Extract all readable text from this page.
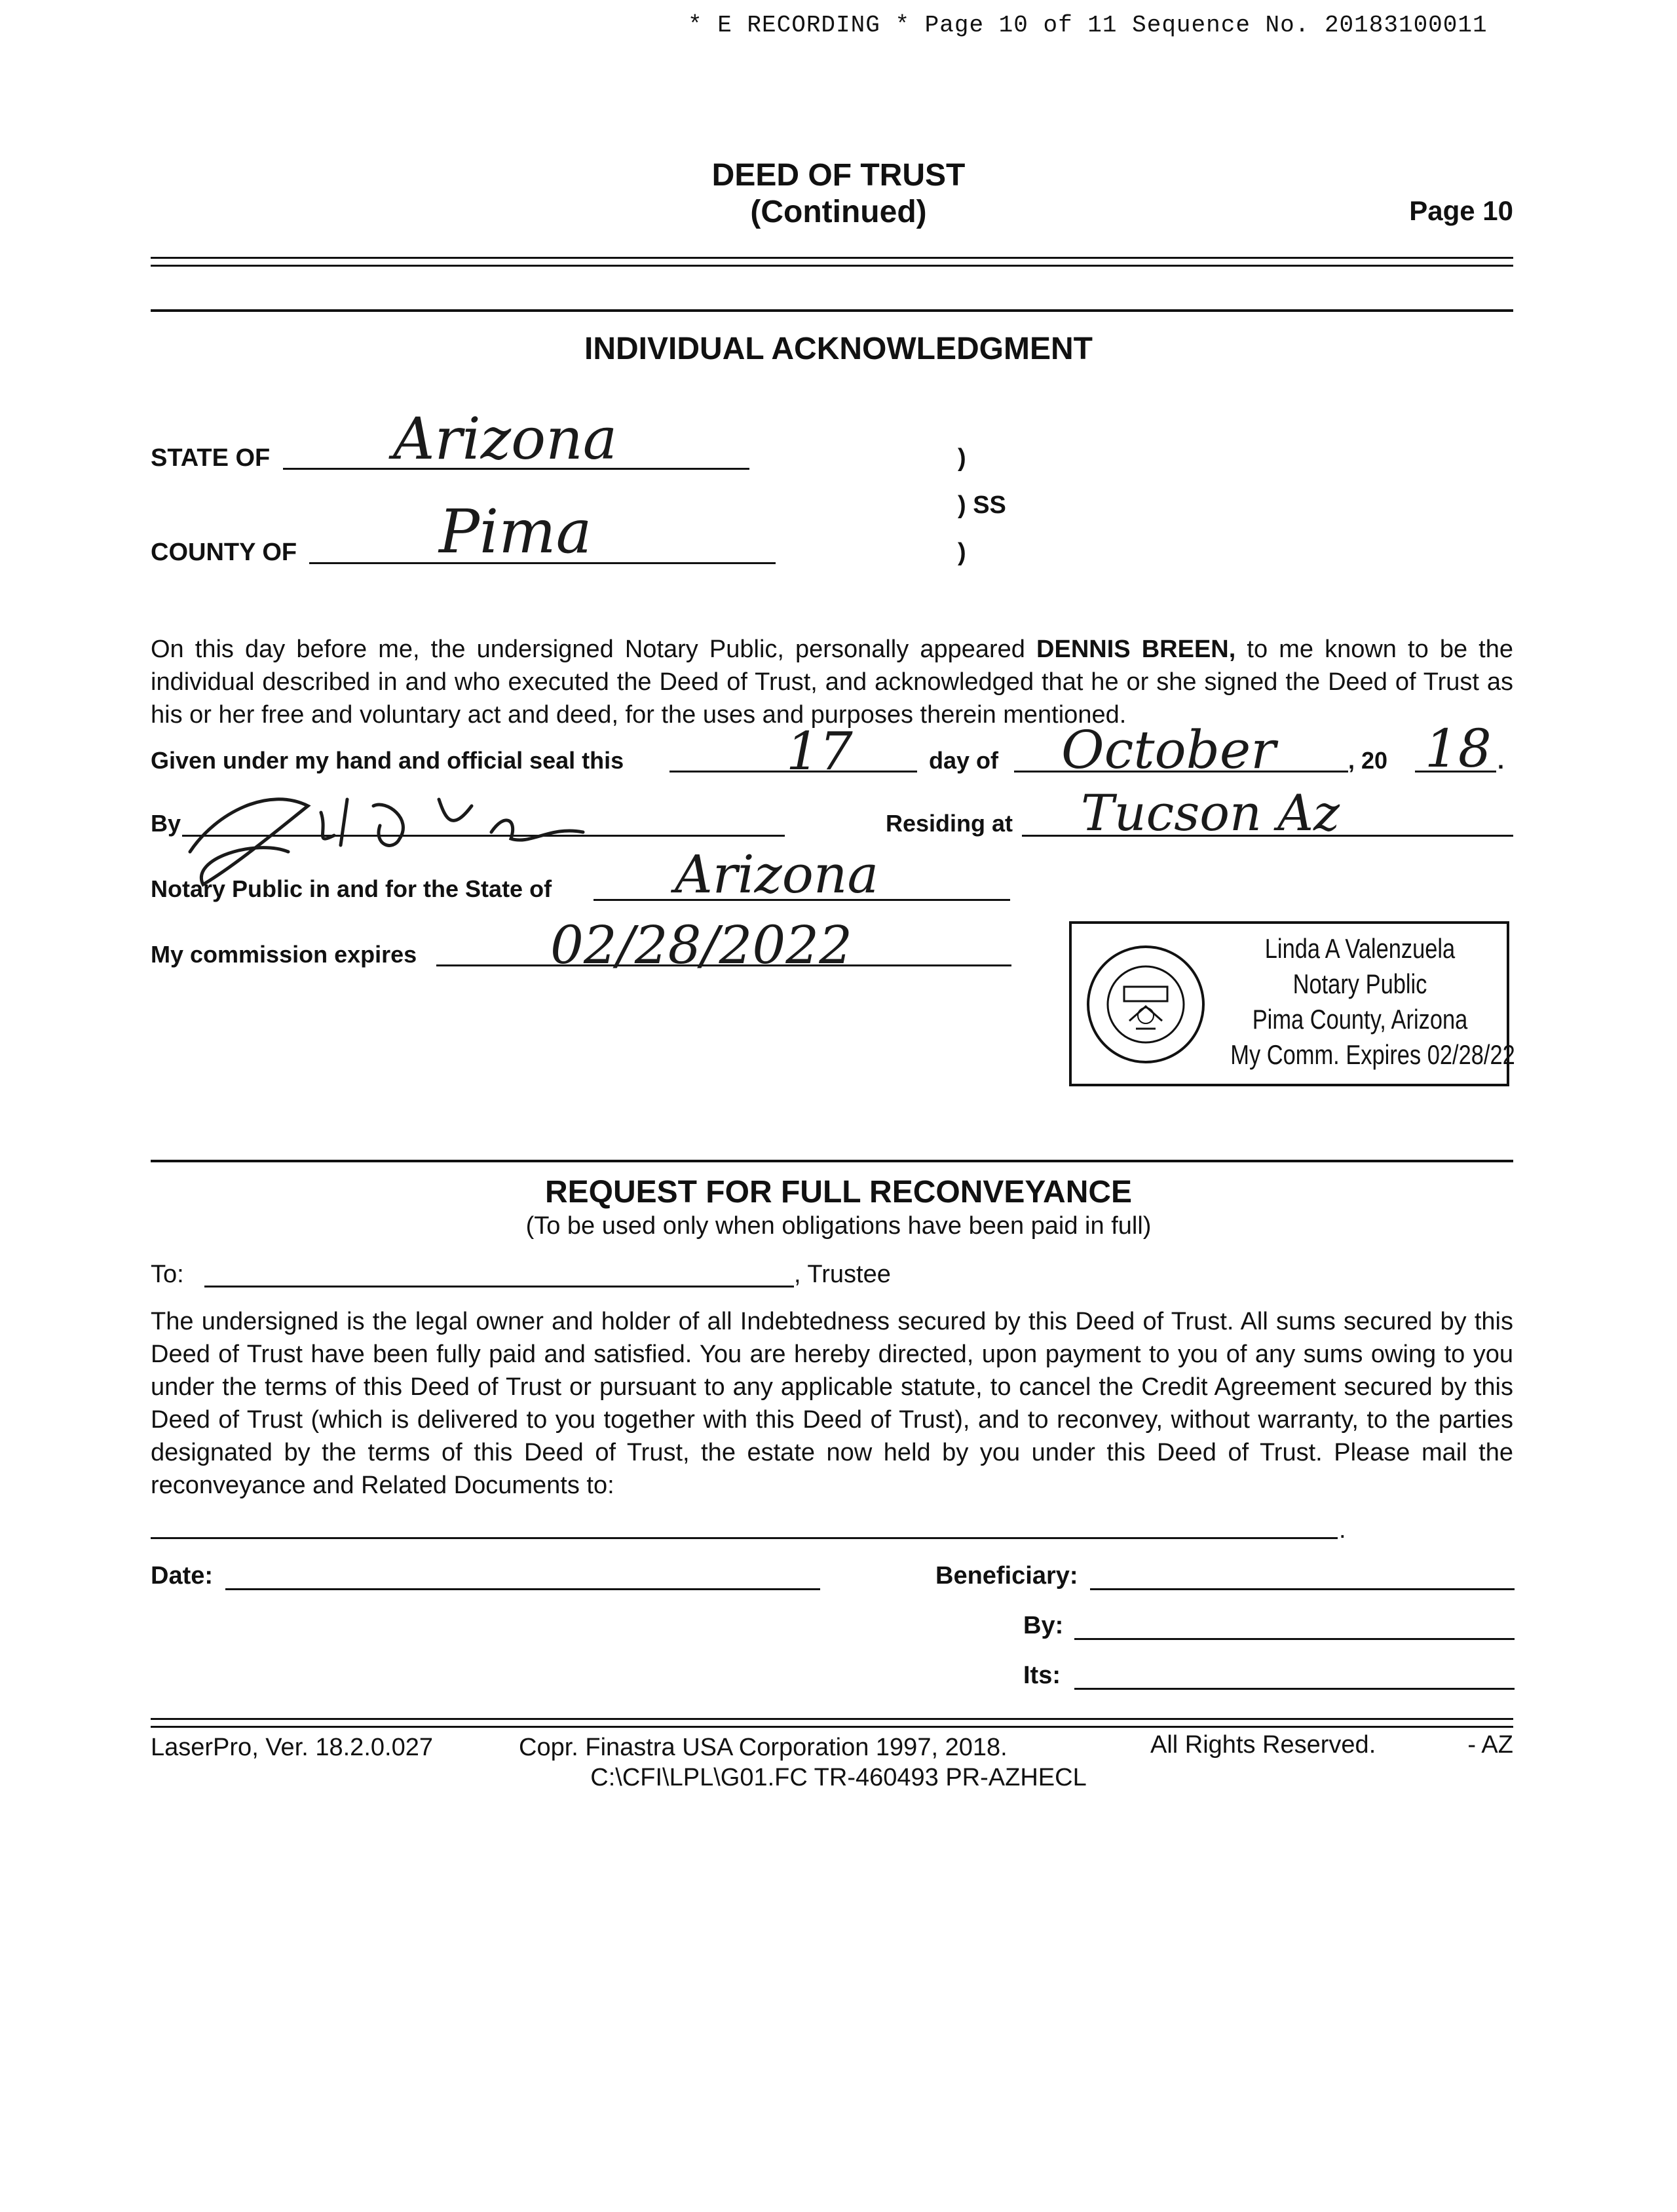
* E RECORDING * Page 10 of 11 Sequence No. 20183100011
DEED OF TRUST
(Continued)	Page 10
INDIVIDUAL ACKNOWLEDGMENT
STATE OF Arizona	)
) SS
COUNTY OF Pima	)
On this day before me, the undersigned Notary Public, personally appeared DENNIS BREEN, to me known to be the individual described in and who executed the Deed of Trust, and acknowledged that he or she signed the Deed of Trust as his or her free and voluntary act and deed, for the uses and purposes therein mentioned.
Given under my hand and official seal this	17	day of October	, 20 18 .
By	Residing at Tucson Az
Notary Public in and for the State of Arizona
My commission expires	02/28/2022	Linda A Valenzuela
Notary Public
Pima County, Arizona
My Comm. Expires 02/28/22
REQUEST FOR FULL RECONVEYANCE
(To be used only when obligations have been paid in full)
To:	, Trustee
The undersigned is the legal owner and holder of all Indebtedness secured by this Deed of Trust. All sums secured by this Deed of Trust have been fully paid and satisfied. You are hereby directed, upon payment to you of any sums owing to you under the terms of this Deed of Trust or pursuant to any applicable statute, to cancel the Credit Agreement secured by this Deed of Trust (which is delivered to you together with this Deed of Trust), and to reconvey, without warranty, to the parties designated by the terms of this Deed of Trust, the estate now held by you under this Deed of Trust. Please mail the reconveyance and Related Documents to:
.
Date:	Beneficiary:
By:
Its:
LaserPro, Ver. 18.2.0.027	Copr. Finastra USA Corporation 1997, 2018.	All Rights Reserved.	- AZ
C:\CFI\LPL\G01.FC TR-460493 PR-AZHECL
